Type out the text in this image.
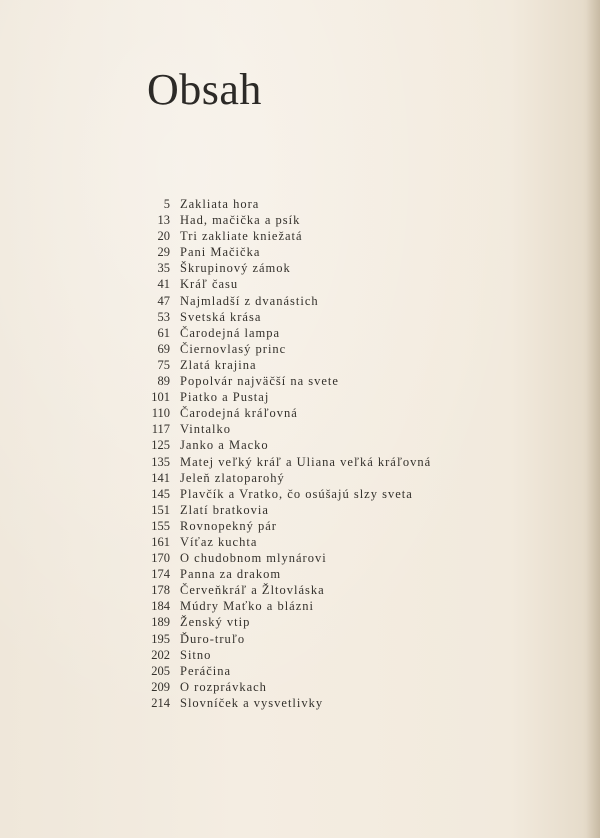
Obsah
5 Zakliata hora
13 Had, mačička a psík
20 Tri zakliate kniežatá
29 Pani Mačička
35 Škrupinový zámok
41 Kráľ času
47 Najmladší z dvanástich
53 Svetská krása
61 Čarodejná lampa
69 Čiernovlasý princ
75 Zlatá krajina
89 Popolvár najväčší na svete
101 Piatko a Pustaj
110 Čarodejná kráľovná
117 Vintalko
125 Janko a Macko
135 Matej veľký kráľ a Uliana veľká kráľovná
141 Jeleň zlatoparohý
145 Plavčík a Vratko, čo osúšajú slzy sveta
151 Zlatí bratkovia
155 Rovnopekný pár
161 Víťaz kuchta
170 O chudobnom mlynárovi
174 Panna za drakom
178 Červeňkráľ a Žltovláska
184 Múdry Maťko a blázni
189 Ženský vtip
195 Ďuro-truľo
202 Sitno
205 Peráčina
209 O rozprávkach
214 Slovníček a vysvetlivky
